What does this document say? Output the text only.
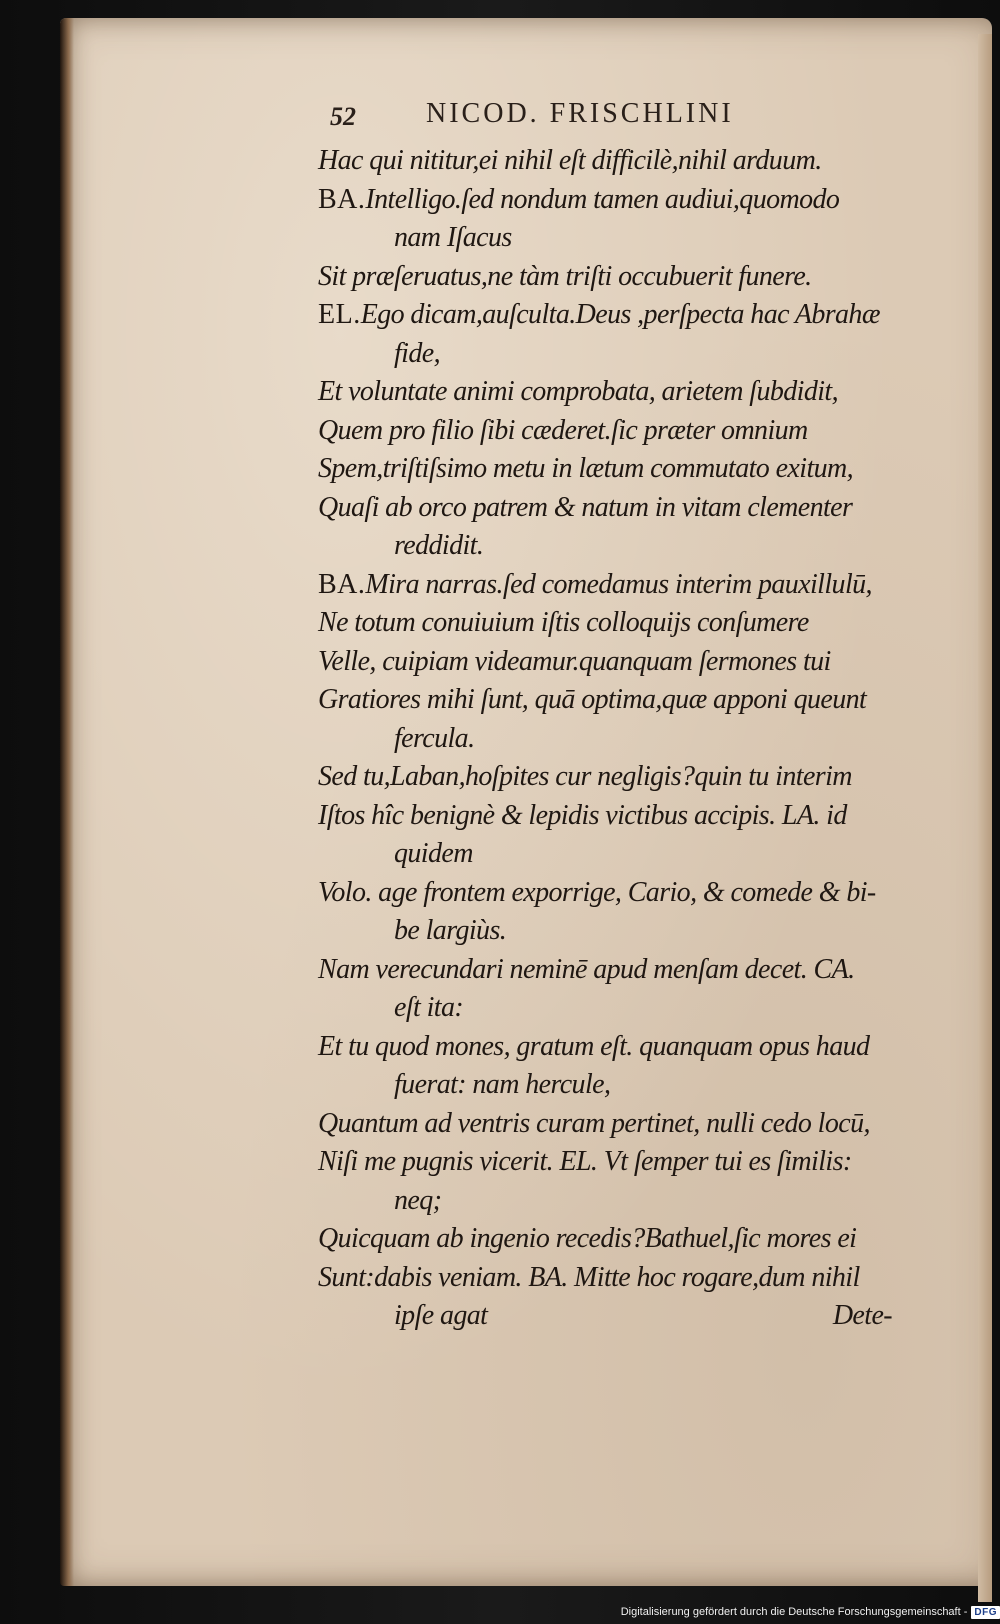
52	NICOD. FRISCHLINI
Hac qui nititur,ei nihil eſt difficilè,nihil arduum.
BA.Intelligo.ſed nondum tamen audiui,quomodo
nam Iſacus
Sit præſeruatus,ne tàm triſti occubuerit funere.
EL.Ego dicam,auſculta.Deus ,perſpecta hac Abrahæ
fide,
Et voluntate animi comprobata, arietem ſubdidit,
Quem pro filio ſibi cæderet.ſic præter omnium
Spem,triſtiſsimo metu in lætum commutato exitum,
Quaſi ab orco patrem & natum in vitam clementer
reddidit.
BA.Mira narras.ſed comedamus interim pauxillulū,
Ne totum conuiuium iſtis colloquijs conſumere
Velle, cuipiam videamur.quanquam ſermones tui
Gratiores mihi ſunt, quā optima,quæ apponi queunt
fercula.
Sed tu,Laban,hoſpites cur negligis?quin tu interim
Iſtos hîc benignè & lepidis victibus accipis. LA. id
quidem
Volo. age frontem exporrige, Cario, & comede & bi-
be largiùs.
Nam verecundari neminē apud menſam decet. CA.
eſt ita:
Et tu quod mones, gratum eſt. quanquam opus haud
fuerat: nam hercule,
Quantum ad ventris curam pertinet, nulli cedo locū,
Niſi me pugnis vicerit. EL. Vt ſemper tui es ſimilis:
neq;
Quicquam ab ingenio recedis?Bathuel,ſic mores ei
Sunt:dabis veniam. BA. Mitte hoc rogare,dum nihil
ipſe agat	Dete-
Digitalisierung gefördert durch die Deutsche Forschungsgemeinschaft - DFG
